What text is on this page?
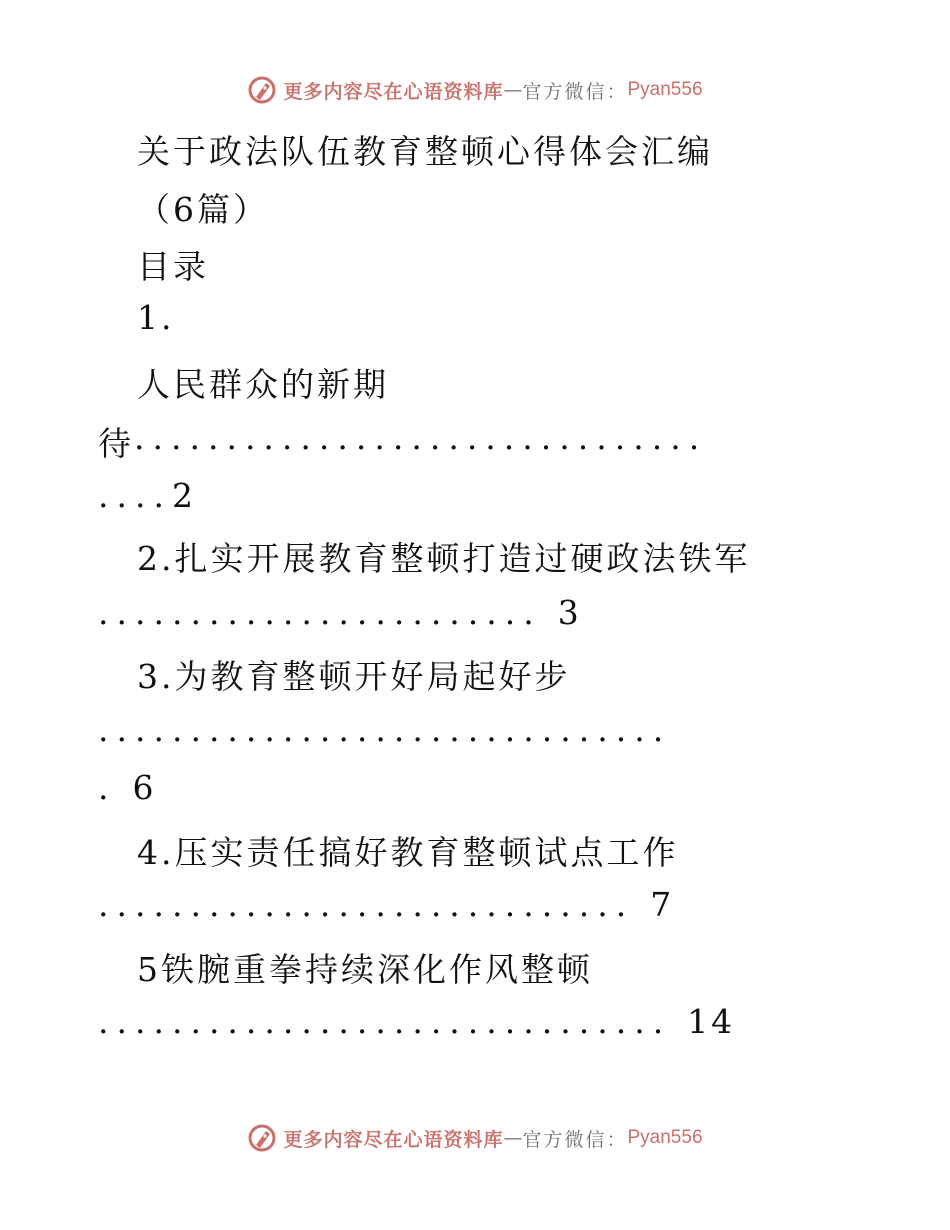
更多内容尽在心语资料库 — 官方微信： Pyan556
关于政法队伍教育整顿心得体会汇编
（6篇）
目录
1.
人民群众的新期
待 ...............................
....2
2.扎实开展教育整顿打造过硬政法铁军
........................ 3
3.为教育整顿开好局起好步
...............................
. 6
4.压实责任搞好教育整顿试点工作
............................. 7
5铁腕重拳持续深化作风整顿
............................... 14
更多内容尽在心语资料库 — 官方微信： Pyan556
